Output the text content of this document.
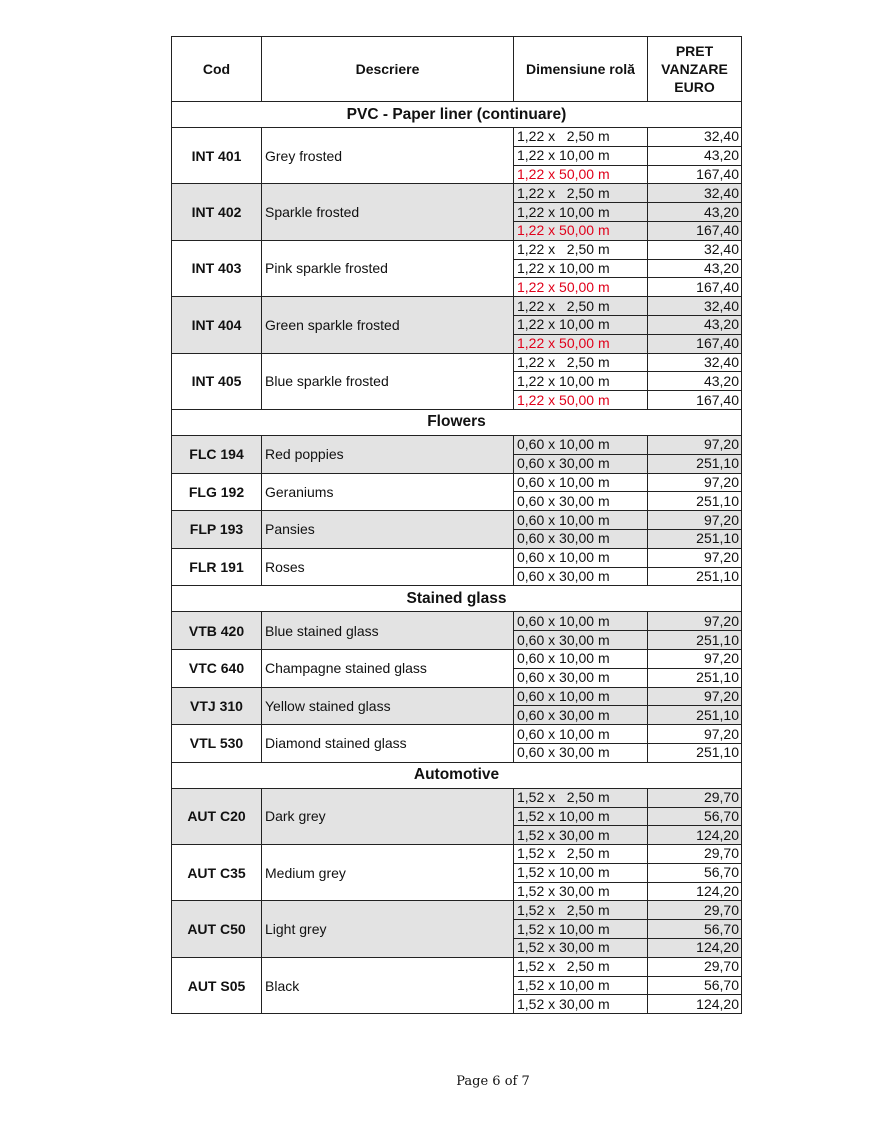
Cod	Descriere	Dimensiune rolă	PRET
VANZARE
EURO
PVC - Paper liner (continuare)			
INT 401	Grey frosted	1,22 x   2,50 m	32,40
		1,22 x 10,00 m	43,20
		1,22 x 50,00 m	167,40
INT 402	Sparkle frosted	1,22 x   2,50 m	32,40
		1,22 x 10,00 m	43,20
		1,22 x 50,00 m	167,40
INT 403	Pink sparkle frosted	1,22 x   2,50 m	32,40
		1,22 x 10,00 m	43,20
		1,22 x 50,00 m	167,40
INT 404	Green sparkle frosted	1,22 x   2,50 m	32,40
		1,22 x 10,00 m	43,20
		1,22 x 50,00 m	167,40
INT 405	Blue sparkle frosted	1,22 x   2,50 m	32,40
		1,22 x 10,00 m	43,20
		1,22 x 50,00 m	167,40
Flowers			
FLC 194	Red poppies	0,60 x 10,00 m	97,20
		0,60 x 30,00 m	251,10
FLG 192	Geraniums	0,60 x 10,00 m	97,20
		0,60 x 30,00 m	251,10
FLP 193	Pansies	0,60 x 10,00 m	97,20
		0,60 x 30,00 m	251,10
FLR 191	Roses	0,60 x 10,00 m	97,20
		0,60 x 30,00 m	251,10
Stained glass			
VTB 420	Blue stained glass	0,60 x 10,00 m	97,20
		0,60 x 30,00 m	251,10
VTC 640	Champagne stained glass	0,60 x 10,00 m	97,20
		0,60 x 30,00 m	251,10
VTJ 310	Yellow stained glass	0,60 x 10,00 m	97,20
		0,60 x 30,00 m	251,10
VTL 530	Diamond stained glass	0,60 x 10,00 m	97,20
		0,60 x 30,00 m	251,10
Automotive			
AUT C20	Dark grey	1,52 x   2,50 m	29,70
		1,52 x 10,00 m	56,70
		1,52 x 30,00 m	124,20
AUT C35	Medium grey	1,52 x   2,50 m	29,70
		1,52 x 10,00 m	56,70
		1,52 x 30,00 m	124,20
AUT C50	Light grey	1,52 x   2,50 m	29,70
		1,52 x 10,00 m	56,70
		1,52 x 30,00 m	124,20
AUT S05	Black	1,52 x   2,50 m	29,70
		1,52 x 10,00 m	56,70
		1,52 x 30,00 m	124,20
Page 6 of 7
